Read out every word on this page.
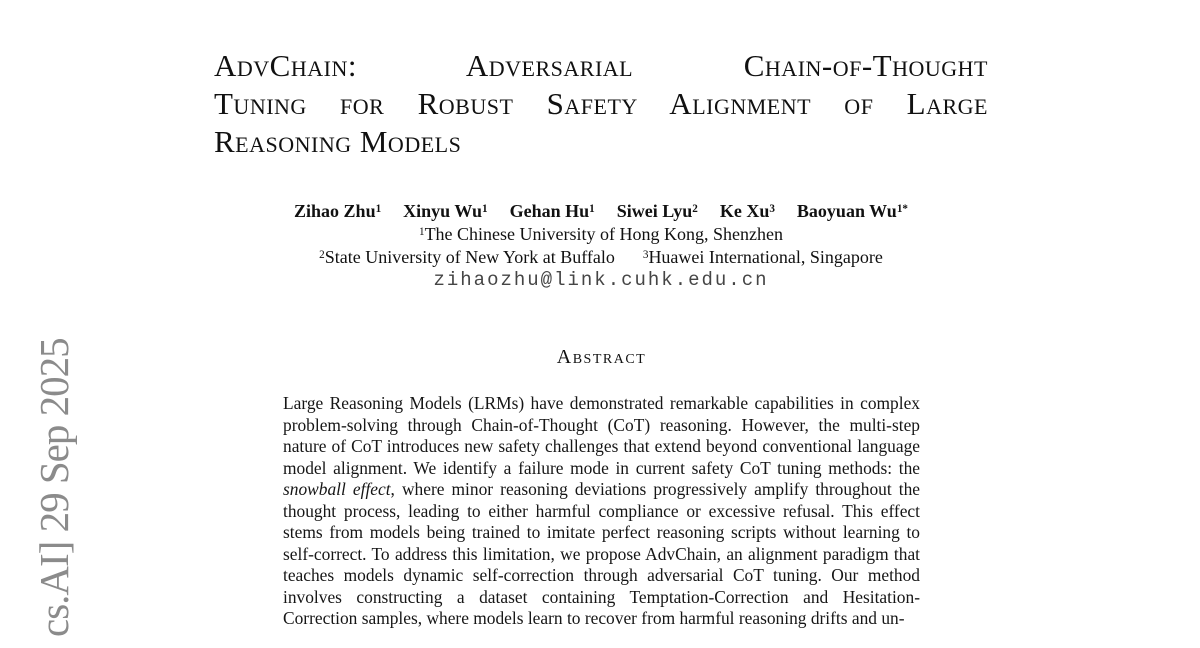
cs.AI] 29 Sep 2025
AdvChain: Adversarial Chain-of-Thought
Tuning for Robust Safety Alignment of Large
Reasoning Models
Zihao Zhu$^1$ Xinyu Wu$^1$ Gehan Hu$^1$ Siwei Lyu$^2$ Ke Xu$^3$ Baoyuan $Wu^{1*}$
$^1$The Chinese University of Hong Kong, Shenzhen
$^2$State University of New York at Buffalo	$^3$Huawei International, Singapore
zihaozhu@link.cuhk.edu.cn
Abstract
Large Reasoning Models (LRMs) have demonstrated remarkable capabilities in complex problem-solving through Chain-of-Thought (CoT) reasoning. However, the multi-step nature of CoT introduces new safety challenges that extend beyond conventional language model alignment. We identify a failure mode in current safety CoT tuning methods: the snowball effect, where minor reasoning deviations progressively amplify throughout the thought process, leading to either harmful compliance or excessive refusal. This effect stems from models being trained to imitate perfect reasoning scripts without learning to self-correct. To address this limitation, we propose AdvChain, an alignment paradigm that teaches models dynamic self-correction through adversarial CoT tuning. Our method involves constructing a dataset containing Temptation-Correction and Hesitation-Correction samples, where models learn to recover from harmful reasoning drifts and un-
